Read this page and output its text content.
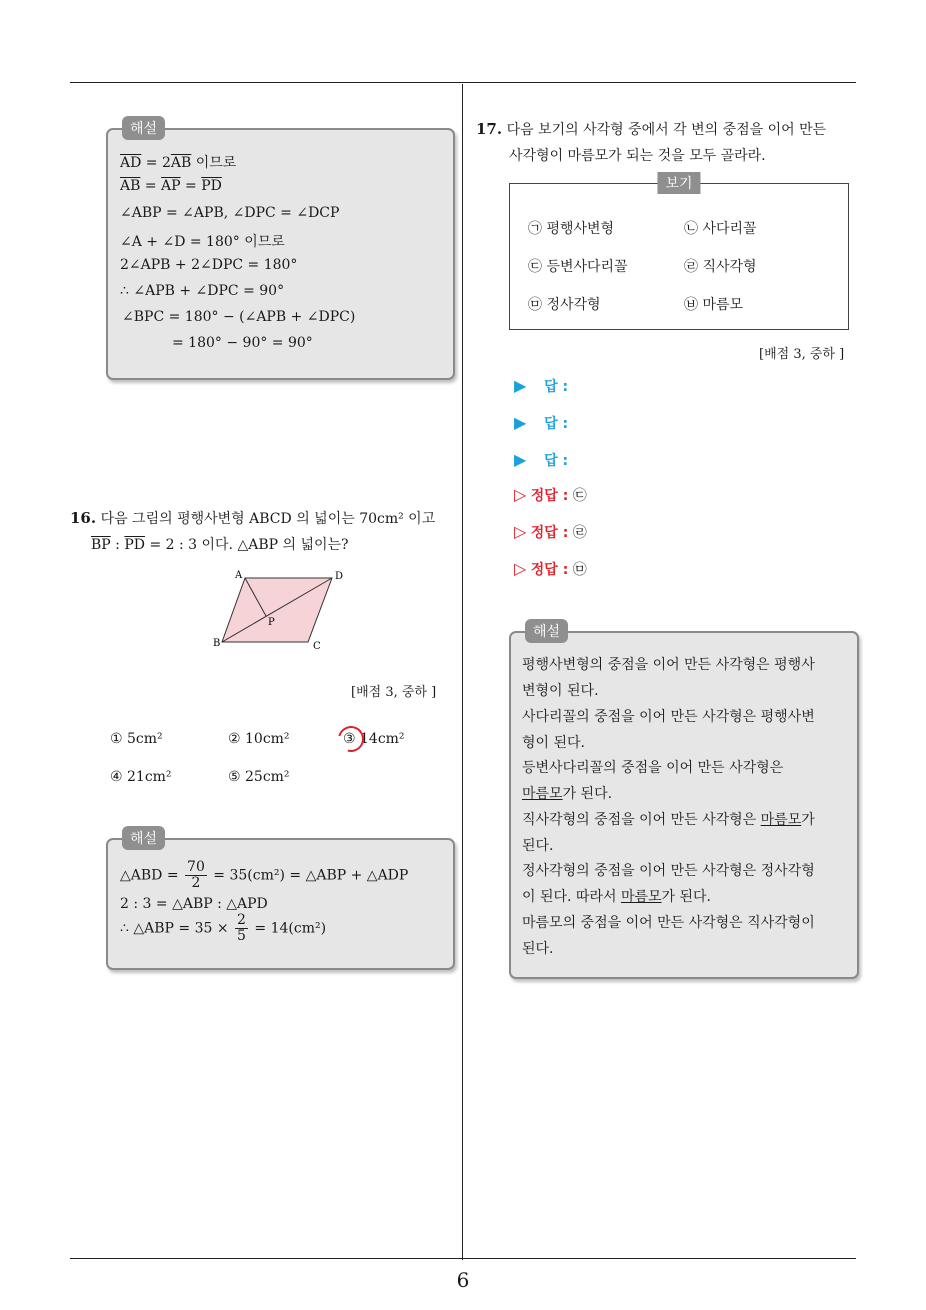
해설
$\overline{AD} = 2\overline{AB}$ 이므로
$\overline{AB} = \overline{AP} = \overline{PD}$
∠ABP = ∠APB, ∠DPC = ∠DCP
∠A + ∠D = 180° 이므로
2∠APB + 2∠DPC = 180°
∴ ∠APB + ∠DPC = 90°
∠BPC = 180° − (∠APB + ∠DPC)
= 180° − 90° = 90°
16. 다음 그림의 평행사변형 ABCD 의 넓이는 70cm² 이고
$\overline{BP}$ : $\overline{PD} = 2$ : 3 이다. △ABP 의 넓이는?
A	D
B	C
P
[배점 3, 중하 ]
① 5cm²	② 10cm²	③ 14cm²
④ 21cm²	⑤ 25cm²
해설
△ABD = $\frac{70}{2} = 35(cm^2)$ = △ABP + △ADP
2 : 3 = △ABP : △APD
∴ △ABP = $35 \times \frac{2}{5} = 14(cm^2)$
17. 다음 보기의 사각형 중에서 각 변의 중점을 이어 만든
사각형이 마름모가 되는 것을 모두 골라라.
보기
㉠ 평행사변형	㉡ 사다리꼴
㉢ 등변사다리꼴	㉣ 직사각형
㉤ 정사각형	㉥ 마름모
[배점 3, 중하 ]
▶ 답 :
▶ 답 :
▶ 답 :
▷ 정답 : ㉢
▷ 정답 : ㉣
▷ 정답 : ㉤
해설
평행사변형의 중점을 이어 만든 사각형은 평행사
변형이 된다.
사다리꼴의 중점을 이어 만든 사각형은 평행사변
형이 된다.
등변사다리꼴의 중점을 이어 만든 사각형은
마름모가 된다.
직사각형의 중점을 이어 만든 사각형은 마름모가
된다.
정사각형의 중점을 이어 만든 사각형은 정사각형
이 된다. 따라서 마름모가 된다.
마름모의 중점을 이어 만든 사각형은 직사각형이
된다.
6
